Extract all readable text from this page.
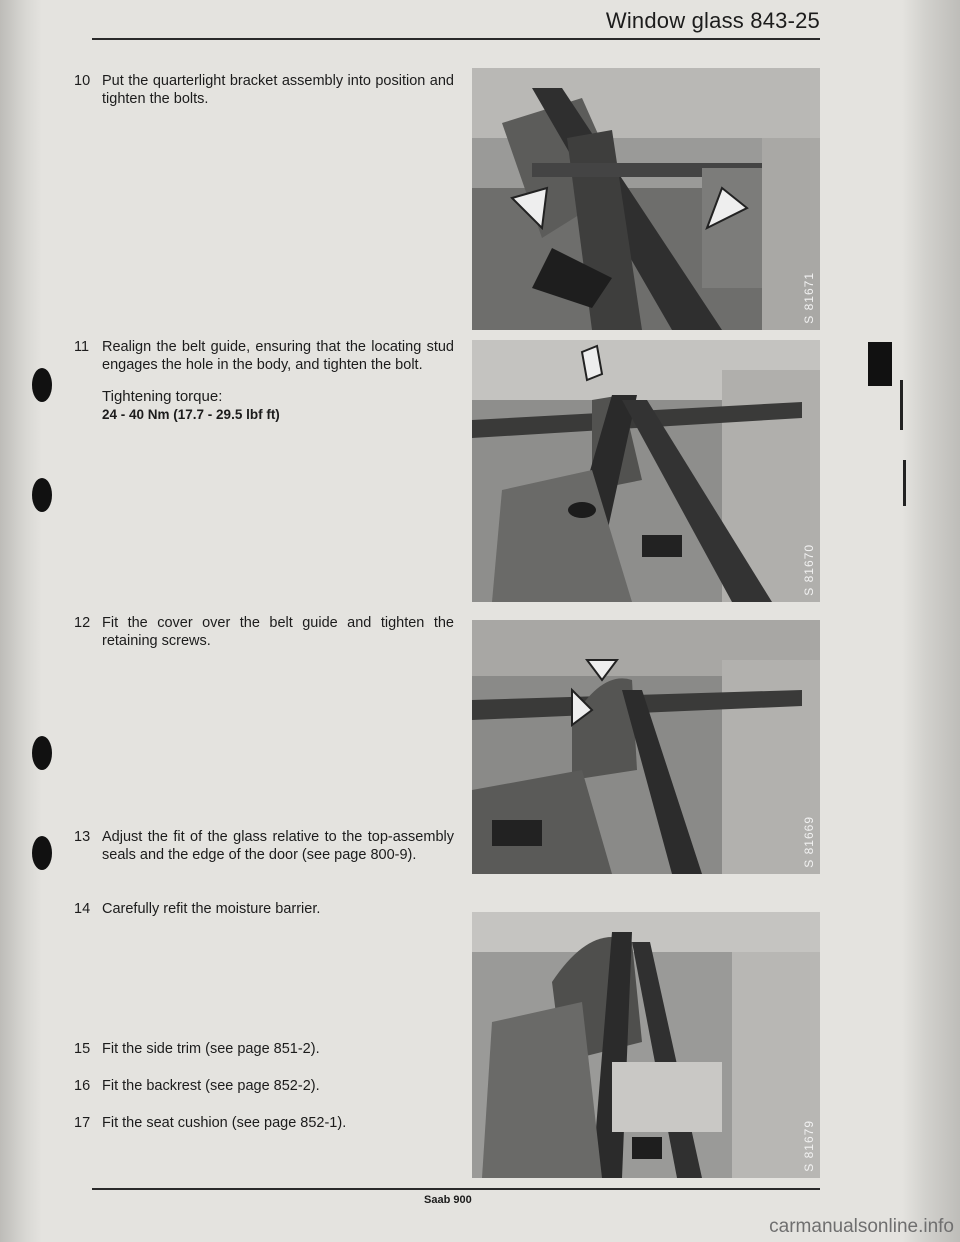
Window glass 843-25
10 Put the quarterlight bracket assembly into position and tighten the bolts.
11 Realign the belt guide, ensuring that the locating stud engages the hole in the body, and tighten the bolt.
Tightening torque:
24 - 40 Nm (17.7 - 29.5 lbf ft)
12 Fit the cover over the belt guide and tighten the retaining screws.
13 Adjust the fit of the glass relative to the top-assembly seals and the edge of the door (see page 800-9).
14 Carefully refit the moisture barrier.
15 Fit the side trim (see page 851-2).
16 Fit the backrest (see page 852-2).
17 Fit the seat cushion (see page 852-1).
S 81671
S 81670
S 81669
S 81679
Saab 900
carmanualsonline.info
